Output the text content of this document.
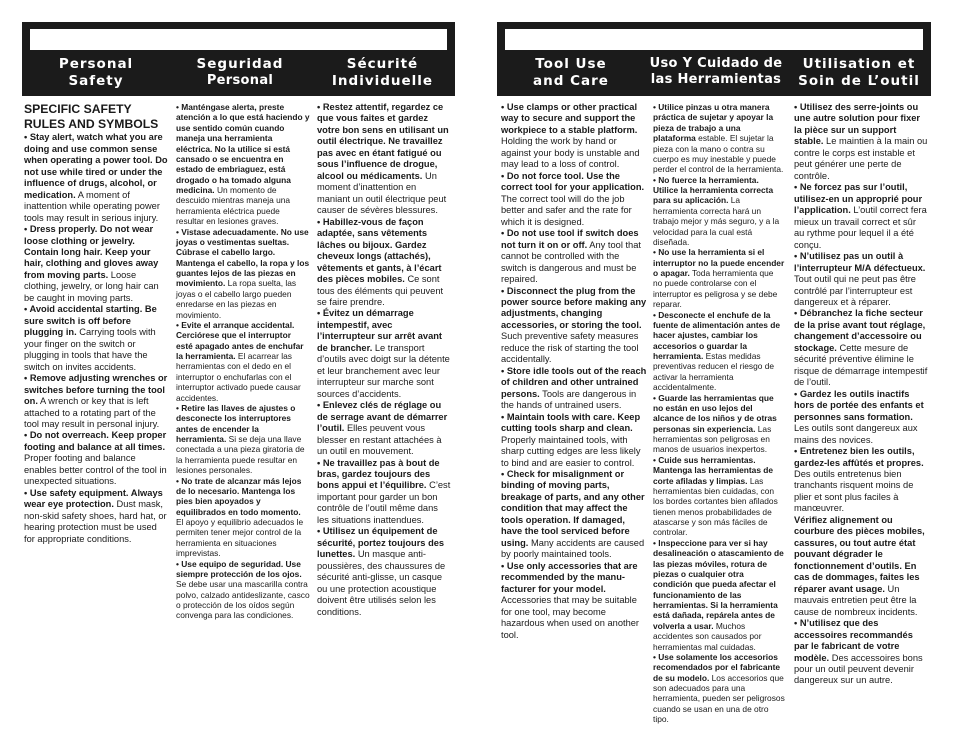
Personal
Safety
Seguridad
Personal
Sécurité
Individuelle
SPECIFIC SAFETY
RULES AND SYMBOLS

• Stay alert, watch what you are doing and use common sense when operating a power tool. Do not use while tired or under the influence of drugs, alcohol, or medication. A moment of inattention while operating power tools may result in serious injury.

• Dress properly. Do not wear loose clothing or jewelry. Contain long hair. Keep your hair, clothing and gloves away from moving parts. Loose clothing, jewelry, or long hair can be caught in moving parts.

• Avoid accidental starting. Be sure switch is off before plugging in. Carrying tools with your finger on the switch or plugging in tools that have the switch on invites accidents.

• Remove adjusting wrenches or switches before turning the tool on. A wrench or key that is left attached to a rotating part of the tool may result in personal injury.

• Do not overreach. Keep proper footing and balance at all times. Proper footing and balance enables better control of the tool in unexpected situations.

• Use safety equipment. Always wear eye protection. Dust mask, non-skid safety shoes, hard hat, or hearing protection must be used for appropriate conditions.

• Manténgase alerta, preste atención a lo que está haciendo y use sentido común cuando maneja una herramienta eléctrica. No la utilice si está cansado o se encuentra en estado de embriaguez, está drogado o ha tomado alguna medicina. Un momento de descuido mientras maneja una herramienta eléctrica puede resultar en lesiones graves.

• Vistase adecuadamente. No use joyas o vestimentas sueltas. Cúbrase el cabello largo. Mantenga el cabello, la ropa y los guantes lejos de las piezas en movimiento. La ropa suelta, las joyas o el cabello largo pueden enredarse en las piezas en movimiento.

• Evite el arranque accidental. Cerciórese que el interruptor esté apagado antes de enchufar la herramienta. El acarrear las herramientas con el dedo en el interruptor o enchufarlas con el interruptor activado puede causar accidentes.

• Retire las llaves de ajustes o desconecte los interruptores antes de encender la herramienta. Si se deja una llave conectada a una pieza giratoria de la herramienta puede resultar en lesiones personales.

• No trate de alcanzar más lejos de lo necesario. Mantenga los pies bien apoyados y equilibrados en todo momento. El apoyo y equilibrio adecuados le permiten tener mejor control de la herramienta en situaciones imprevistas.

• Use equipo de seguridad. Use siempre protección de los ojos. Se debe usar una mascarilla contra polvo, calzado antideslizante, casco o protección de los oídos según convenga para las condiciones.

• Restez attentif, regardez ce que vous faites et gardez votre bon sens en utilisant un outil électrique. Ne travaillez pas avec en étant fatigué ou sous l’influence de drogue, alcool ou médicaments. Un moment d’inattention en maniant un outil électrique peut causer de sévères blessures.

• Habillez-vous de façon adaptée, sans vêtements lâches ou bijoux. Gardez cheveux longs (attachés), vêtements et gants, à l’écart des pièces mobiles. Ce sont tous des éléments qui peuvent se faire prendre.

• Évitez un démarrage intempestif, avec l’interrupteur sur arrêt avant de brancher. Le transport d’outils avec doigt sur la détente et leur branchement avec leur interrupteur sur marche sont sources d’accidents.

• Enlevez clés de réglage ou de serrage avant de démarrer l’outil. Elles peuvent vous blesser en restant attachées à un outil en mouvement.

• Ne travaillez pas à bout de bras, gardez toujours des bons appui et l’équilibre. C’est important pour garder un bon contrôle de l’outil même dans les situations inattendues.

• Utilisez un équipement de sécurité, portez toujours des lunettes. Un masque anti-poussières, des chaussures de sécurité anti-glisse, un casque ou une protection acoustique doivent être utilisés selon les conditions.

Tool Use
and Care
Uso Y Cuidado de
las Herramientas
Utilisation et
Soin de L’outil

• Use clamps or other practical way to secure and support the workpiece to a stable platform. Holding the work by hand or against your body is unstable and may lead to a loss of control.

• Do not force tool. Use the correct tool for your application. The correct tool will do the job better and safer and the rate for which it is designed.

• Do not use tool if switch does not turn it on or off. Any tool that cannot be controlled with the switch is dangerous and must be repaired.

• Disconnect the plug from the power source before making any adjustments, changing accessories, or storing the tool. Such preventive safety measures reduce the risk of starting the tool accidentally.

• Store idle tools out of the reach of children and other untrained persons. Tools are dangerous in the hands of untrained users.

• Maintain tools with care. Keep cutting tools sharp and clean. Properly maintained tools, with sharp cutting edges are less likely to bind and are easier to control.

• Check for misalignment or binding of moving parts, breakage of parts, and any other condition that may affect the tools operation. If damaged, have the tool serviced before using. Many accidents are caused by poorly maintained tools.

• Use only accessories that are recommended by the manufacturer for your model. Accessories that may be suitable for one tool, may become hazardous when used on another tool.

• Utilice pinzas u otra manera práctica de sujetar y apoyar la pieza de trabajo a una plataforma estable. El sujetar la pieza con la mano o contra su cuerpo es muy inestable y puede perder el control de la herramienta.

• No fuerce la herramienta. Utilice la herramienta correcta para su aplicación. La herramienta correcta hará un trabajo mejor y más seguro, y a la velocidad para la cual está diseñada.

• No use la herramienta si el interruptor no la puede encender o apagar. Toda herramienta que no puede controlarse con el interruptor es peligrosa y se debe reparar.

• Desconecte el enchufe de la fuente de alimentación antes de hacer ajustes, cambiar los accesorios o guardar la herramienta. Estas medidas preventivas reducen el riesgo de activar la herramienta accidentalmente.

• Guarde las herramientas que no están en uso lejos del alcance de los niños y de otras personas sin experiencia. Las herramientas son peligrosas en manos de usuarios inexpertos.

• Cuide sus herramientas. Mantenga las herramientas de corte afiladas y limpias. Las herramientas bien cuidadas, con los bordes cortantes bien afilados tienen menos probabilidades de atascarse y son más fáciles de controlar.

• Inspeccione para ver si hay desalineación o atascamiento de las piezas móviles, rotura de piezas o cualquier otra condición que pueda afectar el funcionamiento de las herramientas. Si la herramienta está dañada, repárela antes de volverla a usar. Muchos accidentes son causados por herramientas mal cuidadas.

• Use solamente los accesorios recomendados por el fabricante de su modelo. Los accesorios que son adecuados para una herramienta, pueden ser peligrosos cuando se usan en una de otro tipo.

• Utilisez des serre-joints ou une autre solution pour fixer la pièce sur un support stable. Le maintien à la main ou contre le corps est instable et peut générer une perte de contrôle.

• Ne forcez pas sur l’outil, utilisez-en un approprié pour l’application. L’outil correct fera mieux un travail correct et sûr au rythme pour lequel il a été conçu.

• N’utilisez pas un outil à l’interrupteur M/A défectueux. Tout outil qui ne peut pas être contrôlé par l’interrupteur est dangereux et à réparer.

• Débranchez la fiche secteur de la prise avant tout réglage, changement d’accessoire ou stockage. Cette mesure de sécurité préventive élimine le risque de démarrage intempestif de l’outil.

• Gardez les outils inactifs hors de portée des enfants et personnes sans formation. Les outils sont dangereux aux mains des novices.

• Entretenez bien les outils, gardez-les affûtés et propres. Des outils entretenus bien tranchants risquent moins de plier et sont plus faciles à manœuvrer.

Vérifiez alignement ou courbure des pièces mobiles, cassures, ou tout autre état pouvant dégrader le fonctionnement d’outils. En cas de dommages, faites les réparer avant usage. Un mauvais entretien peut être la cause de nombreux incidents.

• N’utilisez que des accessoires recommandés par le fabricant de votre modèle. Des accessoires bons pour un outil peuvent devenir dangereux sur un autre.
